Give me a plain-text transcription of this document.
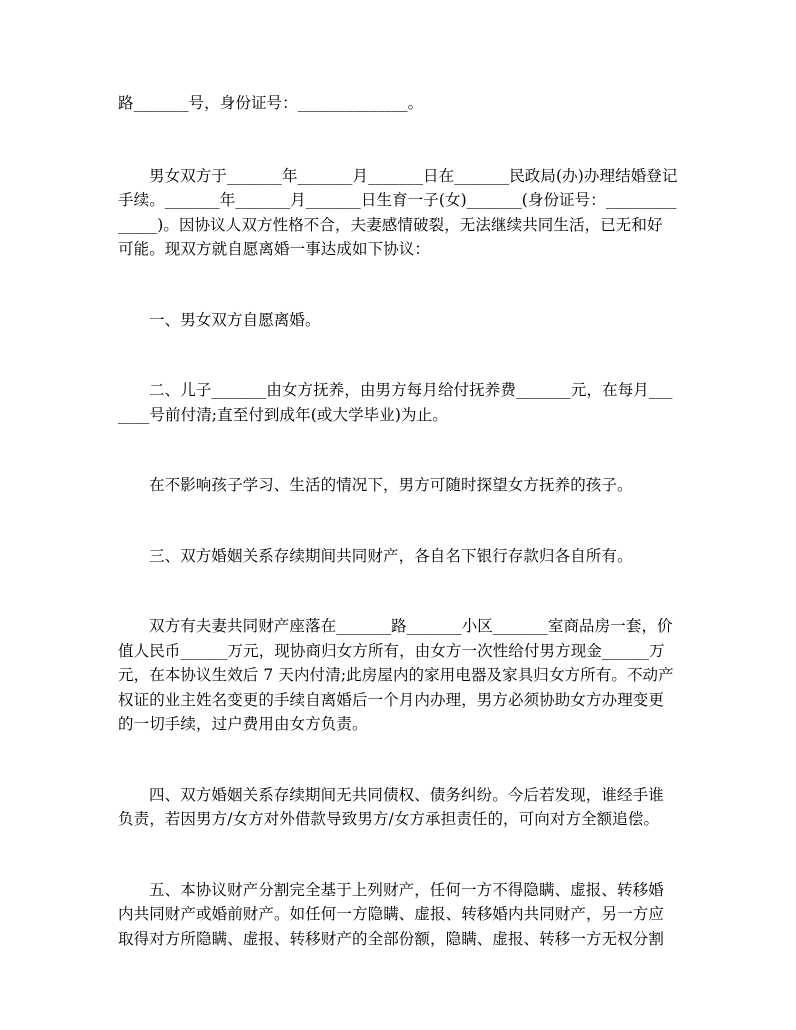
路_______号，身份证号：______________。

男女双方于_______年_______月_______日在_______民政局(办)办理结婚登记手续。_______年_______月_______日生育一子(女)_______(身份证号：______________)。因协议人双方性格不合，夫妻感情破裂，无法继续共同生活，已无和好可能。现双方就自愿离婚一事达成如下协议：

一、男女双方自愿离婚。

二、儿子_______由女方抚养，由男方每月给付抚养费_______元，在每月_______号前付清;直至付到成年(或大学毕业)为止。

在不影响孩子学习、生活的情况下，男方可随时探望女方抚养的孩子。

三、双方婚姻关系存续期间共同财产，各自名下银行存款归各自所有。

双方有夫妻共同财产座落在_______路_______小区_______室商品房一套，价值人民币______万元，现协商归女方所有，由女方一次性给付男方现金______万元，在本协议生效后 7 天内付清;此房屋内的家用电器及家具归女方所有。不动产权证的业主姓名变更的手续自离婚后一个月内办理，男方必须协助女方办理变更的一切手续，过户费用由女方负责。

四、双方婚姻关系存续期间无共同债权、债务纠纷。今后若发现，谁经手谁负责，若因男方/女方对外借款导致男方/女方承担责任的，可向对方全额追偿。

五、本协议财产分割完全基于上列财产，任何一方不得隐瞒、虚报、转移婚内共同财产或婚前财产。如任何一方隐瞒、虚报、转移婚内共同财产，另一方应取得对方所隐瞒、虚报、转移财产的全部份额，隐瞒、虚报、转移一方无权分割
